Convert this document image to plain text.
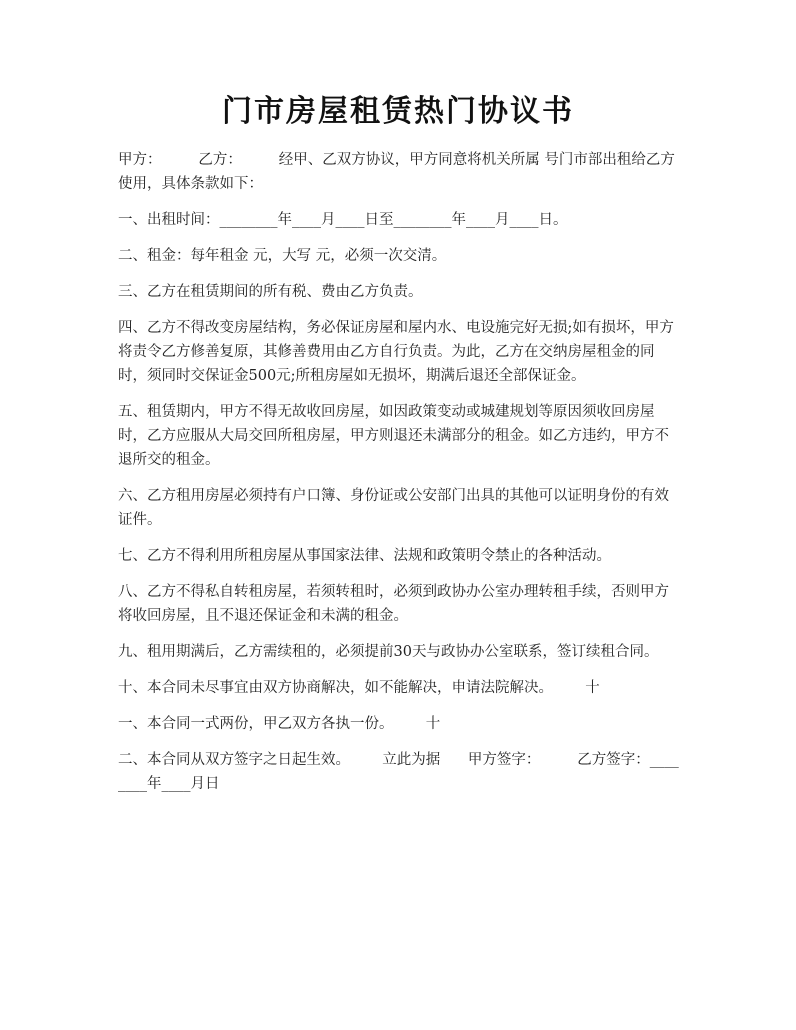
门市房屋租赁热门协议书

甲方：        乙方：        经甲、乙双方协议，甲方同意将机关所属 号门市部出租给乙方使用，具体条款如下：

一、出租时间：________年____月____日至________年____月____日。

二、租金：每年租金 元，大写 元，必须一次交清。

三、乙方在租赁期间的所有税、费由乙方负责。

四、乙方不得改变房屋结构，务必保证房屋和屋内水、电设施完好无损;如有损坏，甲方将责令乙方修善复原，其修善费用由乙方自行负责。为此，乙方在交纳房屋租金的同时，须同时交保证金500元;所租房屋如无损坏，期满后退还全部保证金。

五、租赁期内，甲方不得无故收回房屋，如因政策变动或城建规划等原因须收回房屋时，乙方应服从大局交回所租房屋，甲方则退还未满部分的租金。如乙方违约，甲方不退所交的租金。

六、乙方租用房屋必须持有户口簿、身份证或公安部门出具的其他可以证明身份的有效证件。

七、乙方不得利用所租房屋从事国家法律、法规和政策明令禁止的各种活动。

八、乙方不得私自转租房屋，若须转租时，必须到政协办公室办理转租手续，否则甲方将收回房屋，且不退还保证金和未满的租金。

九、租用期满后，乙方需续租的，必须提前30天与政协办公室联系，签订续租合同。

十、本合同未尽事宜由双方协商解决，如不能解决，申请法院解决。       十

一、本合同一式两份，甲乙双方各执一份。       十

二、本合同从双方签字之日起生效。       立此为据      甲方签字：        乙方签字：________年____月日
